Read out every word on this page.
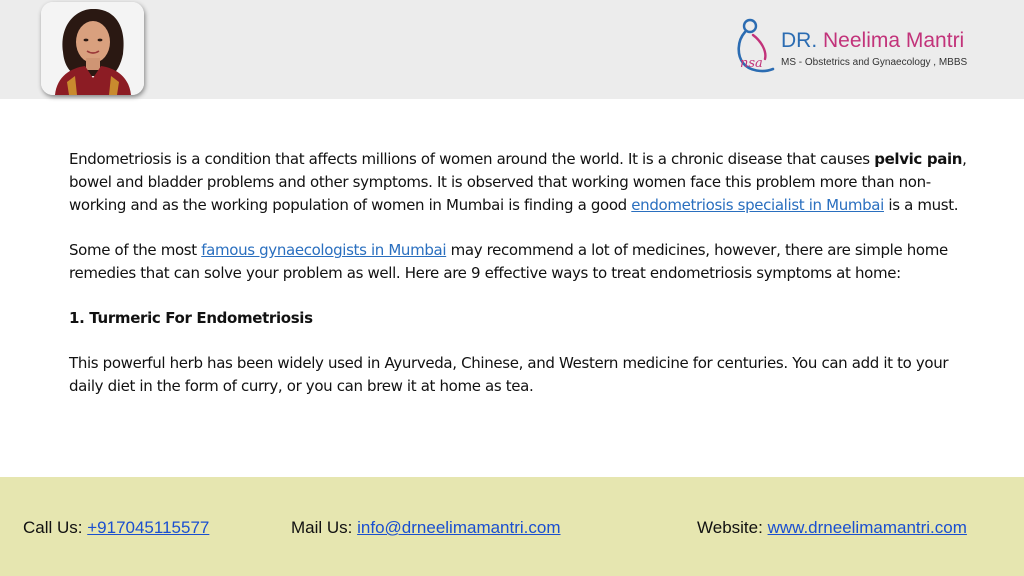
nsa
DR. Neelima Mantri
MS - Obstetrics and Gynaecology , MBBS

Endometriosis is a condition that affects millions of women around the world. It is a chronic disease that causes pelvic pain, bowel and bladder problems and other symptoms. It is observed that working women face this problem more than non-working and as the working population of women in Mumbai is finding a good endometriosis specialist in Mumbai is a must.

Some of the most famous gynaecologists in Mumbai may recommend a lot of medicines, however, there are simple home remedies that can solve your problem as well. Here are 9 effective ways to treat endometriosis symptoms at home:

1. Turmeric For Endometriosis

This powerful herb has been widely used in Ayurveda, Chinese, and Western medicine for centuries. You can add it to your daily diet in the form of curry, or you can brew it at home as tea.

Call Us: +917045115577	Mail Us: info@drneelimamantri.com	Website: www.drneelimamantri.com
